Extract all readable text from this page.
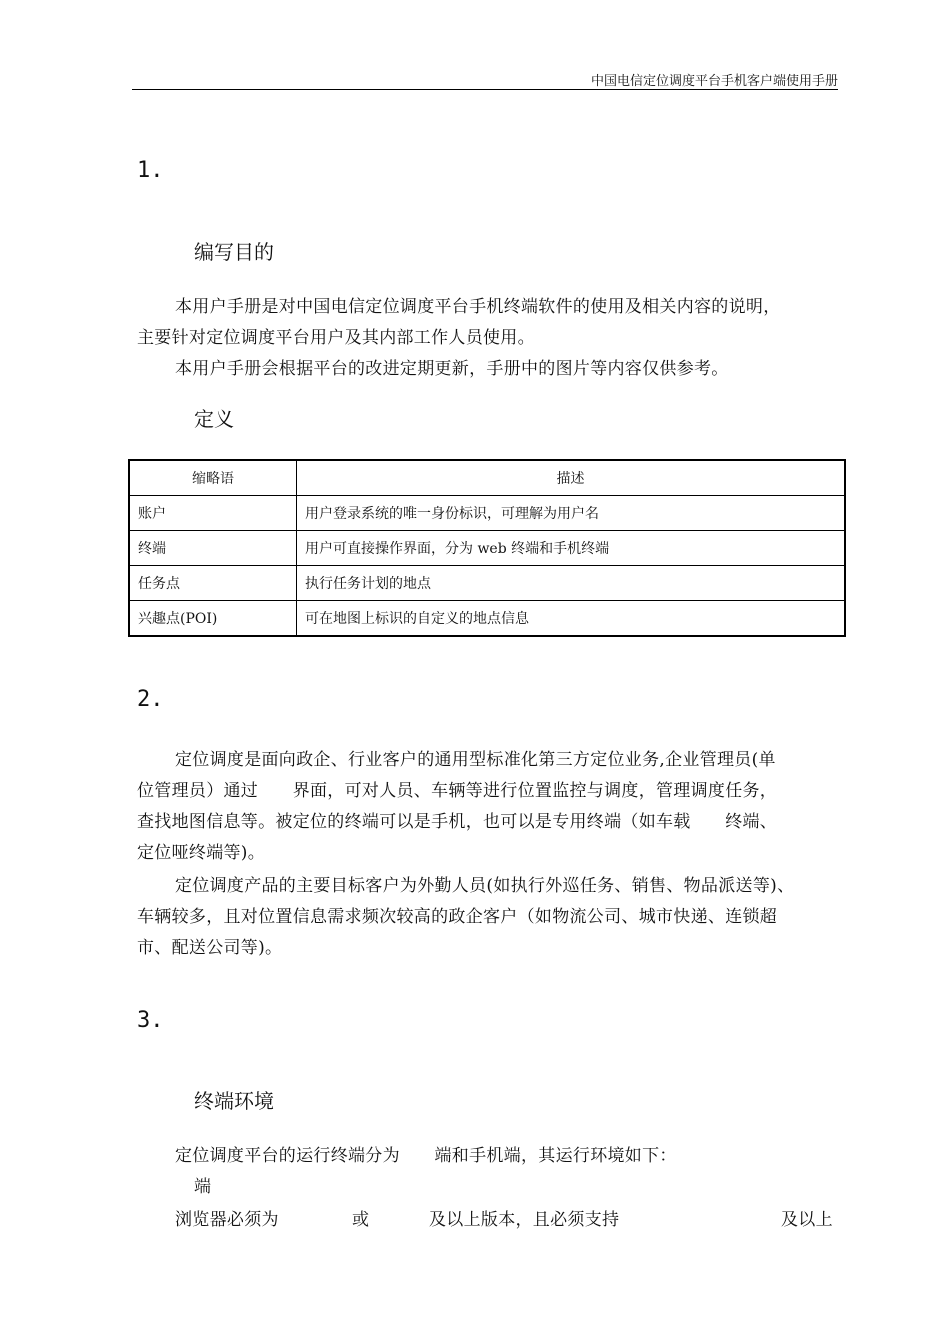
中国电信定位调度平台手机客户端使用手册
1.
编写目的
本用户手册是对中国电信定位调度平台手机终端软件的使用及相关内容的说明，
主要针对定位调度平台用户及其内部工作人员使用。
本用户手册会根据平台的改进定期更新，手册中的图片等内容仅供参考。
定义
缩略语	描述
账户	用户登录系统的唯一身份标识，可理解为用户名
终端	用户可直接操作界面，分为 web 终端和手机终端
任务点	执行任务计划的地点
兴趣点(POI)	可在地图上标识的自定义的地点信息
2.
定位调度是面向政企、行业客户的通用型标准化第三方定位业务,企业管理员(单
位管理员）通过　　界面，可对人员、车辆等进行位置监控与调度，管理调度任务，
查找地图信息等。被定位的终端可以是手机，也可以是专用终端（如车载　　终端、
定位哑终端等)。
定位调度产品的主要目标客户为外勤人员(如执行外巡任务、销售、物品派送等)、
车辆较多，且对位置信息需求频次较高的政企客户（如物流公司、城市快递、连锁超
市、配送公司等)。
3.
终端环境
定位调度平台的运行终端分为　　端和手机端，其运行环境如下：
端
浏览器必须为	或	及以上版本，且必须支持	及以上
